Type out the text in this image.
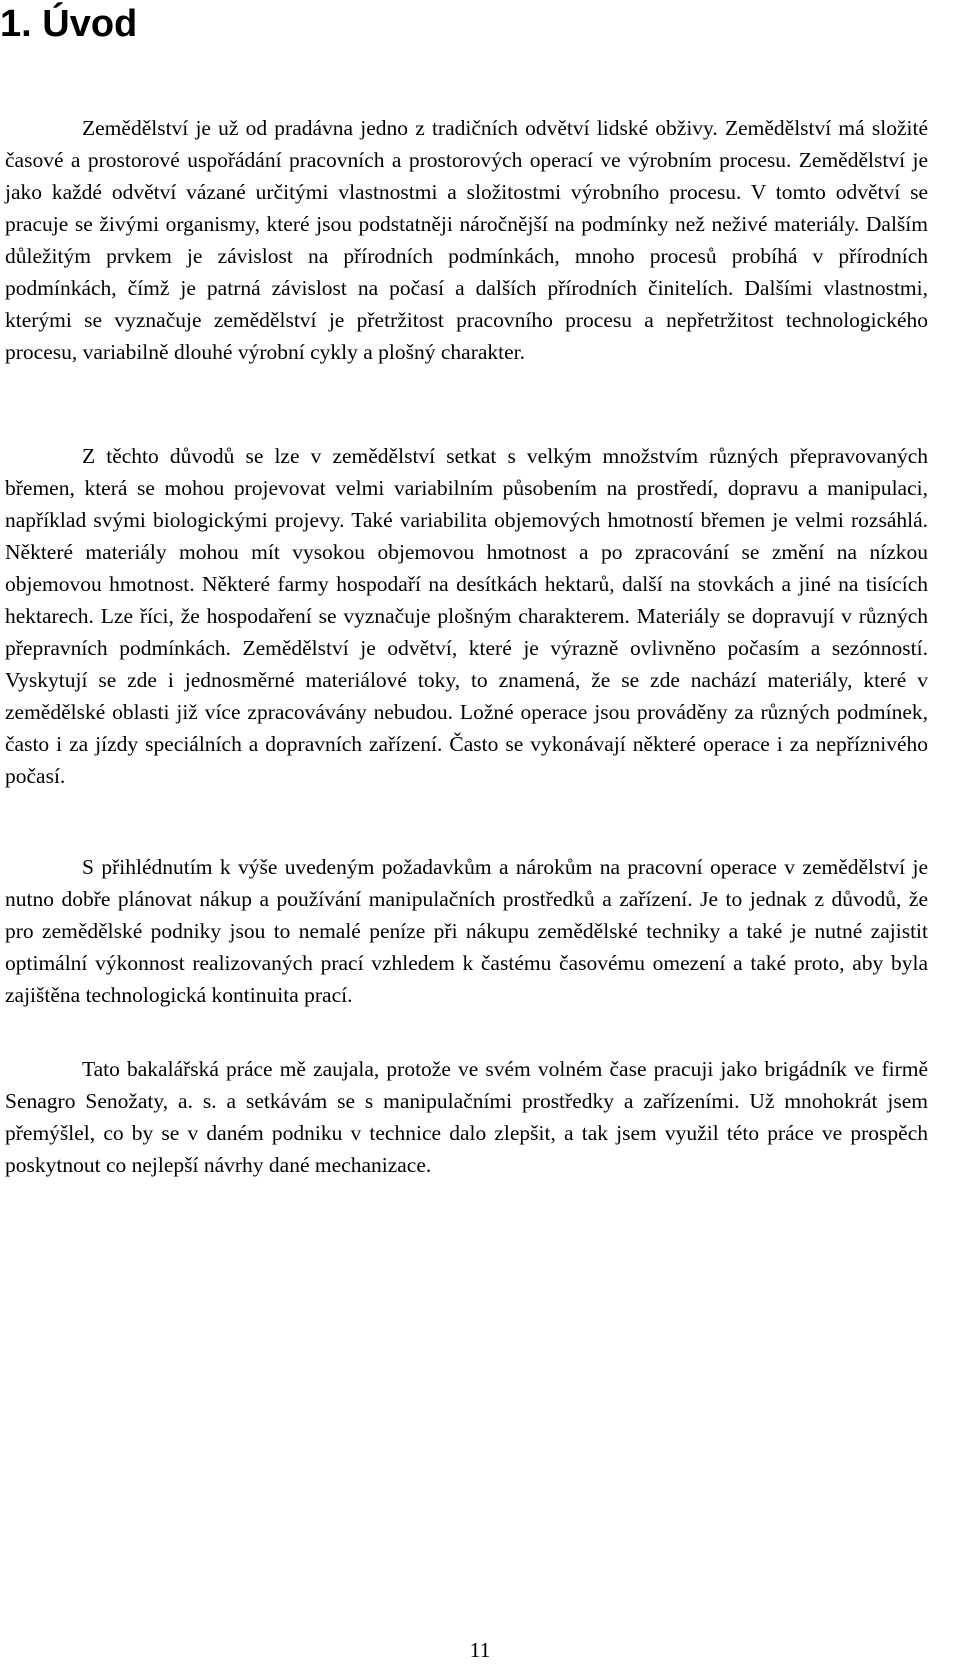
1. Úvod

Zemědělství je už od pradávna jedno z tradičních odvětví lidské obživy. Zemědělství má složité časové a prostorové uspořádání pracovních a prostorových operací ve výrobním procesu. Zemědělství je jako každé odvětví vázané určitými vlastnostmi a složitostmi výrobního procesu. V tomto odvětví se pracuje se živými organismy, které jsou podstatněji náročnější na podmínky než neživé materiály. Dalším důležitým prvkem je závislost na přírodních podmínkách, mnoho procesů probíhá v přírodních podmínkách, čímž je patrná závislost na počasí a dalších přírodních činitelích. Dalšími vlastnostmi, kterými se vyznačuje zemědělství je přetržitost pracovního procesu a nepřetržitost technologického procesu, variabilně dlouhé výrobní cykly a plošný charakter.

Z těchto důvodů se lze v zemědělství setkat s velkým množstvím různých přepravovaných břemen, která se mohou projevovat velmi variabilním působením na prostředí, dopravu a manipulaci, například svými biologickými projevy. Také variabilita objemových hmotností břemen je velmi rozsáhlá. Některé materiály mohou mít vysokou objemovou hmotnost a po zpracování se změní na nízkou objemovou hmotnost. Některé farmy hospodaří na desítkách hektarů, další na stovkách a jiné na tisících hektarech. Lze říci, že hospodaření se vyznačuje plošným charakterem. Materiály se dopravují v různých přepravních podmínkách. Zemědělství je odvětví, které je výrazně ovlivněno počasím a sezónností. Vyskytují se zde i jednosměrné materiálové toky, to znamená, že se zde nachází materiály, které v zemědělské oblasti již více zpracovávány nebudou. Ložné operace jsou prováděny za různých podmínek, často i za jízdy speciálních a dopravních zařízení. Často se vykonávají některé operace i za nepříznivého počasí.

S přihlédnutím k výše uvedeným požadavkům a nárokům na pracovní operace v zemědělství je nutno dobře plánovat nákup a používání manipulačních prostředků a zařízení. Je to jednak z důvodů, že pro zemědělské podniky jsou to nemalé peníze při nákupu zemědělské techniky a také je nutné zajistit optimální výkonnost realizovaných prací vzhledem k častému časovému omezení a také proto, aby byla zajištěna technologická kontinuita prací.

Tato bakalářská práce mě zaujala, protože ve svém volném čase pracuji jako brigádník ve firmě Senagro Senožaty, a. s. a setkávám se s manipulačními prostředky a zařízeními. Už mnohokrát jsem přemýšlel, co by se v daném podniku v technice dalo zlepšit, a tak jsem využil této práce ve prospěch poskytnout co nejlepší návrhy dané mechanizace.

11
